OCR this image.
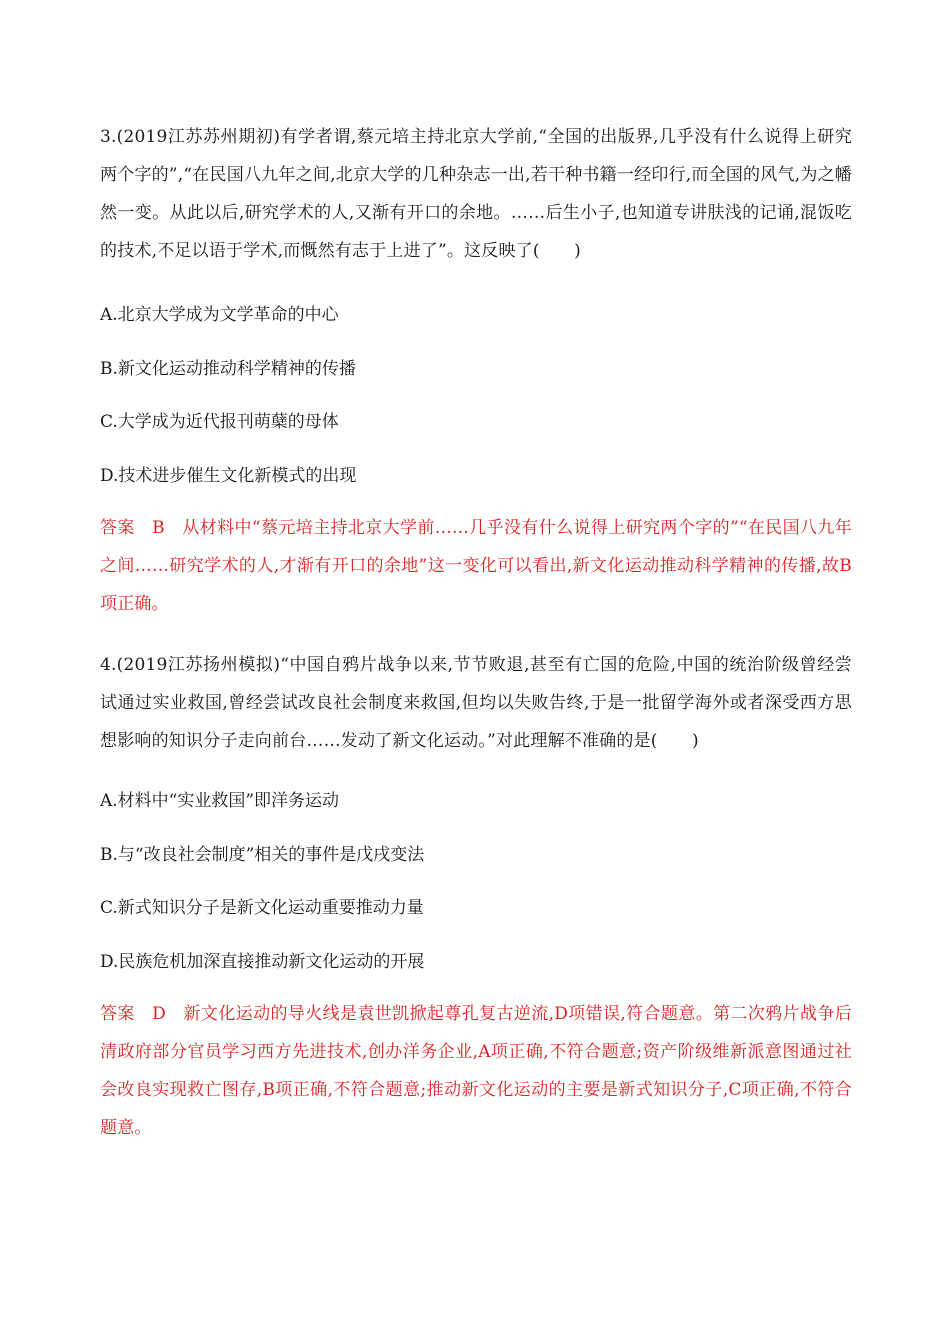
3.(2019江苏苏州期初)有学者谓,蔡元培主持北京大学前,“全国的出版界,几乎没有什么说得上研究两个字的”,“在民国八九年之间,北京大学的几种杂志一出,若干种书籍一经印行,而全国的风气,为之幡然一变。从此以后,研究学术的人,又渐有开口的余地。……后生小子,也知道专讲肤浅的记诵,混饭吃的技术,不足以语于学术,而慨然有志于上进了”。这反映了(　　)
A.北京大学成为文学革命的中心
B.新文化运动推动科学精神的传播
C.大学成为近代报刊萌蘖的母体
D.技术进步催生文化新模式的出现
答案　B　从材料中“蔡元培主持北京大学前……几乎没有什么说得上研究两个字的”“在民国八九年之间……研究学术的人,才渐有开口的余地”这一变化可以看出,新文化运动推动科学精神的传播,故B项正确。
4.(2019江苏扬州模拟)“中国自鸦片战争以来,节节败退,甚至有亡国的危险,中国的统治阶级曾经尝试通过实业救国,曾经尝试改良社会制度来救国,但均以失败告终,于是一批留学海外或者深受西方思想影响的知识分子走向前台……发动了新文化运动。”对此理解不准确的是(　　)
A.材料中“实业救国”即洋务运动
B.与“改良社会制度”相关的事件是戊戌变法
C.新式知识分子是新文化运动重要推动力量
D.民族危机加深直接推动新文化运动的开展
答案　D　新文化运动的导火线是袁世凯掀起尊孔复古逆流,D项错误,符合题意。第二次鸦片战争后清政府部分官员学习西方先进技术,创办洋务企业,A项正确,不符合题意;资产阶级维新派意图通过社会改良实现救亡图存,B项正确,不符合题意;推动新文化运动的主要是新式知识分子,C项正确,不符合题意。
